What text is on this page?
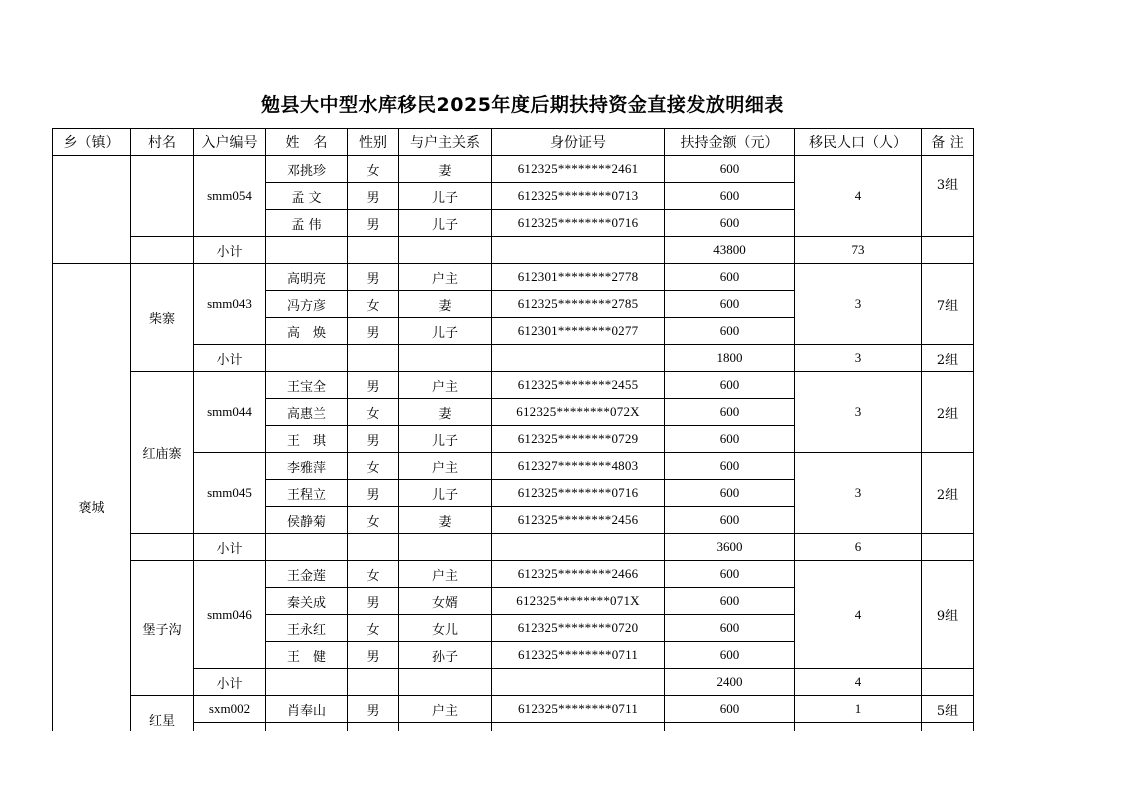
勉县大中型水库移民2025年度后期扶持资金直接发放明细表
乡（镇）	村名	入户编号	姓　名	性别	与户主关系	身份证号	扶持金额（元）	移民人口（人）	备 注
		smm054	邓挑珍	女	妻	612325********2461	600	4	3组
			孟 文	男	儿子	612325********0713	600		
			孟 伟	男	儿子	612325********0716	600		
		小计					43800	73	
褒城	柴寨	smm043	高明亮	男	户主	612301********2778	600	3	7组
			冯方彦	女	妻	612325********2785	600		
			高　焕	男	儿子	612301********0277	600		
		小计					1800	3	2组
	红庙寨	smm044	王宝全	男	户主	612325********2455	600	3	2组
			高惠兰	女	妻	612325********072X	600		
			王　琪	男	儿子	612325********0729	600		
		smm045	李雅萍	女	户主	612327********4803	600	3	2组
			王程立	男	儿子	612325********0716	600		
			侯静菊	女	妻	612325********2456	600		
		小计					3600	6	
	堡子沟	smm046	王金莲	女	户主	612325********2466	600	4	9组
			秦关成	男	女婿	612325********071X	600		
			王永红	女	女儿	612325********0720	600		
			王　健	男	孙子	612325********0711	600		
		小计					2400	4	
	红星	sxm002	肖奉山	男	户主	612325********0711	600	1	5组
